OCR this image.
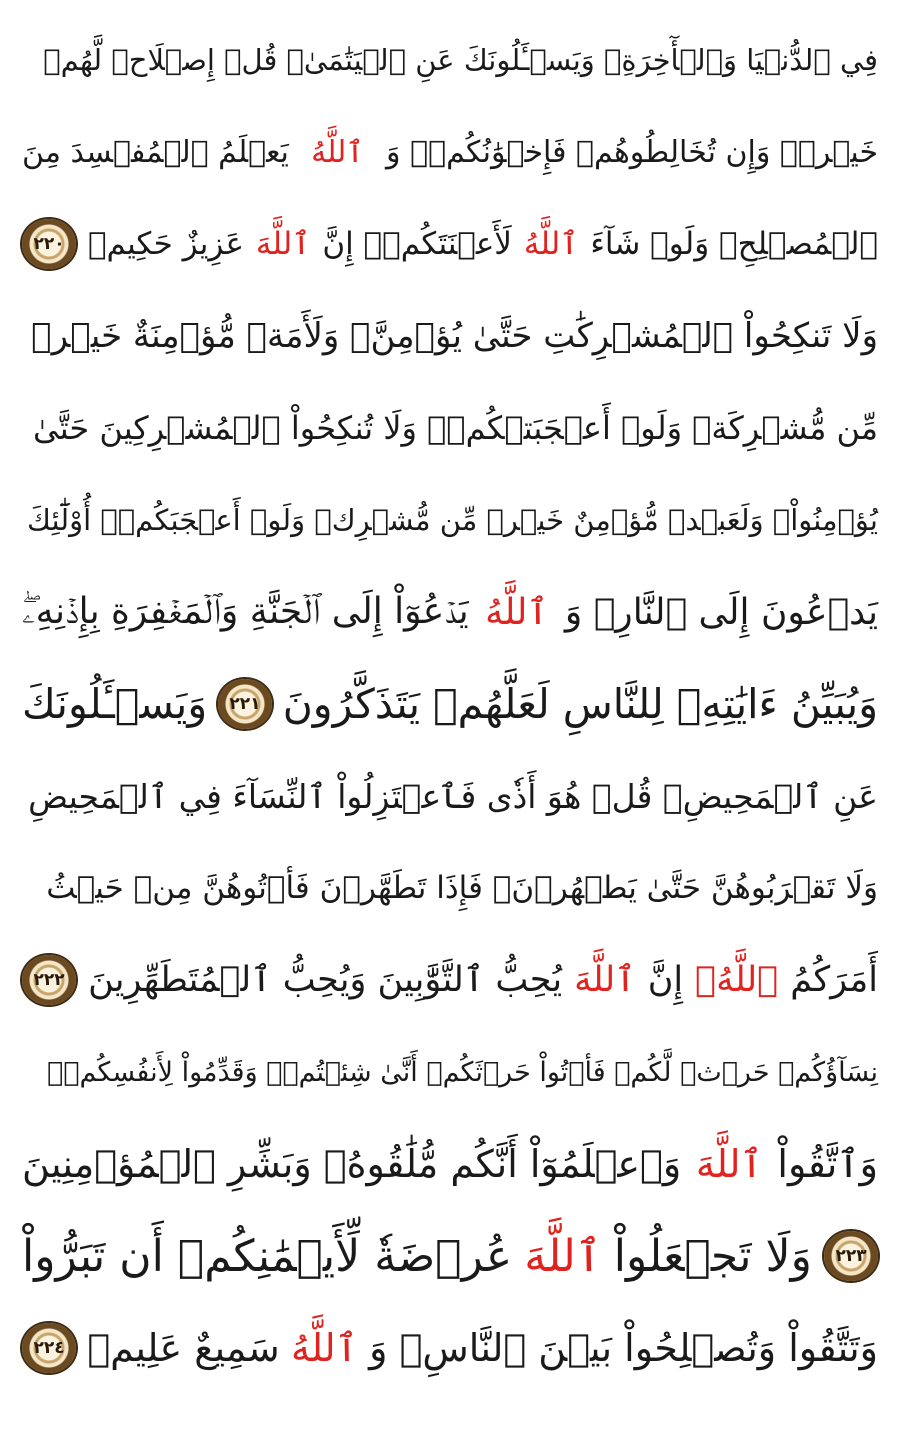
فِي ٱلدُّنۡيَا وَٱلۡأٓخِرَةِۗ وَيَسۡـَٔلُونَكَ عَنِ ٱلۡيَتَٰمَىٰۖ قُلۡ إِصۡلَاحٞ لَّهُمۡ
خَيۡرٞۖ وَإِن تُخَالِطُوهُمۡ فَإِخۡوَٰنُكُمۡۚ وَ
ٱللَّهُ
يَعۡلَمُ ٱلۡمُفۡسِدَ مِنَ
ٱلۡمُصۡلِحِۚ وَلَوۡ شَآءَ
ٱللَّهُ
لَأَعۡنَتَكُمۡۚ إِنَّ
ٱللَّهَ
عَزِيزٌ حَكِيمٞ
٢٢٠
وَلَا تَنكِحُواْ ٱلۡمُشۡرِكَٰتِ حَتَّىٰ يُؤۡمِنَّۚ وَلَأَمَةٞ مُّؤۡمِنَةٌ خَيۡرٞ
مِّن مُّشۡرِكَةٖ وَلَوۡ أَعۡجَبَتۡكُمۡۗ وَلَا تُنكِحُواْ ٱلۡمُشۡرِكِينَ حَتَّىٰ
يُؤۡمِنُواْۚ وَلَعَبۡدٞ مُّؤۡمِنٌ خَيۡرٞ مِّن مُّشۡرِكٖ وَلَوۡ أَعۡجَبَكُمۡۗ أُوْلَٰٓئِكَ
يَدۡعُونَ إِلَى ٱلنَّارِۖ وَ
ٱللَّهُ
يَدۡعُوٓاْ إِلَى ٱلۡجَنَّةِ وَٱلۡمَغۡفِرَةِ بِإِذۡنِهِۦۖ
وَيُبَيِّنُ ءَايَٰتِهِۦ لِلنَّاسِ لَعَلَّهُمۡ يَتَذَكَّرُونَ
٢٢١
وَيَسۡـَٔلُونَكَ
عَنِ ٱلۡمَحِيضِۖ قُلۡ هُوَ أَذٗى فَٱعۡتَزِلُواْ ٱلنِّسَآءَ فِي ٱلۡمَحِيضِ
وَلَا تَقۡرَبُوهُنَّ حَتَّىٰ يَطۡهُرۡنَۖ فَإِذَا تَطَهَّرۡنَ فَأۡتُوهُنَّ مِنۡ حَيۡثُ
أَمَرَكُمُ
ٱللَّهُۚ
إِنَّ
ٱللَّهَ
يُحِبُّ ٱلتَّوَّٰبِينَ وَيُحِبُّ ٱلۡمُتَطَهِّرِينَ
٢٢٢
نِسَآؤُكُمۡ حَرۡثٞ لَّكُمۡ فَأۡتُواْ حَرۡثَكُمۡ أَنَّىٰ شِئۡتُمۡۖ وَقَدِّمُواْ لِأَنفُسِكُمۡۚ
وَٱتَّقُواْ
ٱللَّهَ
وَٱعۡلَمُوٓاْ أَنَّكُم مُّلَٰقُوهُۗ وَبَشِّرِ ٱلۡمُؤۡمِنِينَ
٢٢٣
وَلَا تَجۡعَلُواْ
ٱللَّهَ
عُرۡضَةٗ لِّأَيۡمَٰنِكُمۡ أَن تَبَرُّواْ
وَتَتَّقُواْ وَتُصۡلِحُواْ بَيۡنَ ٱلنَّاسِۚ وَ
ٱللَّهُ
سَمِيعٌ عَلِيمٞ
٢٢٤
